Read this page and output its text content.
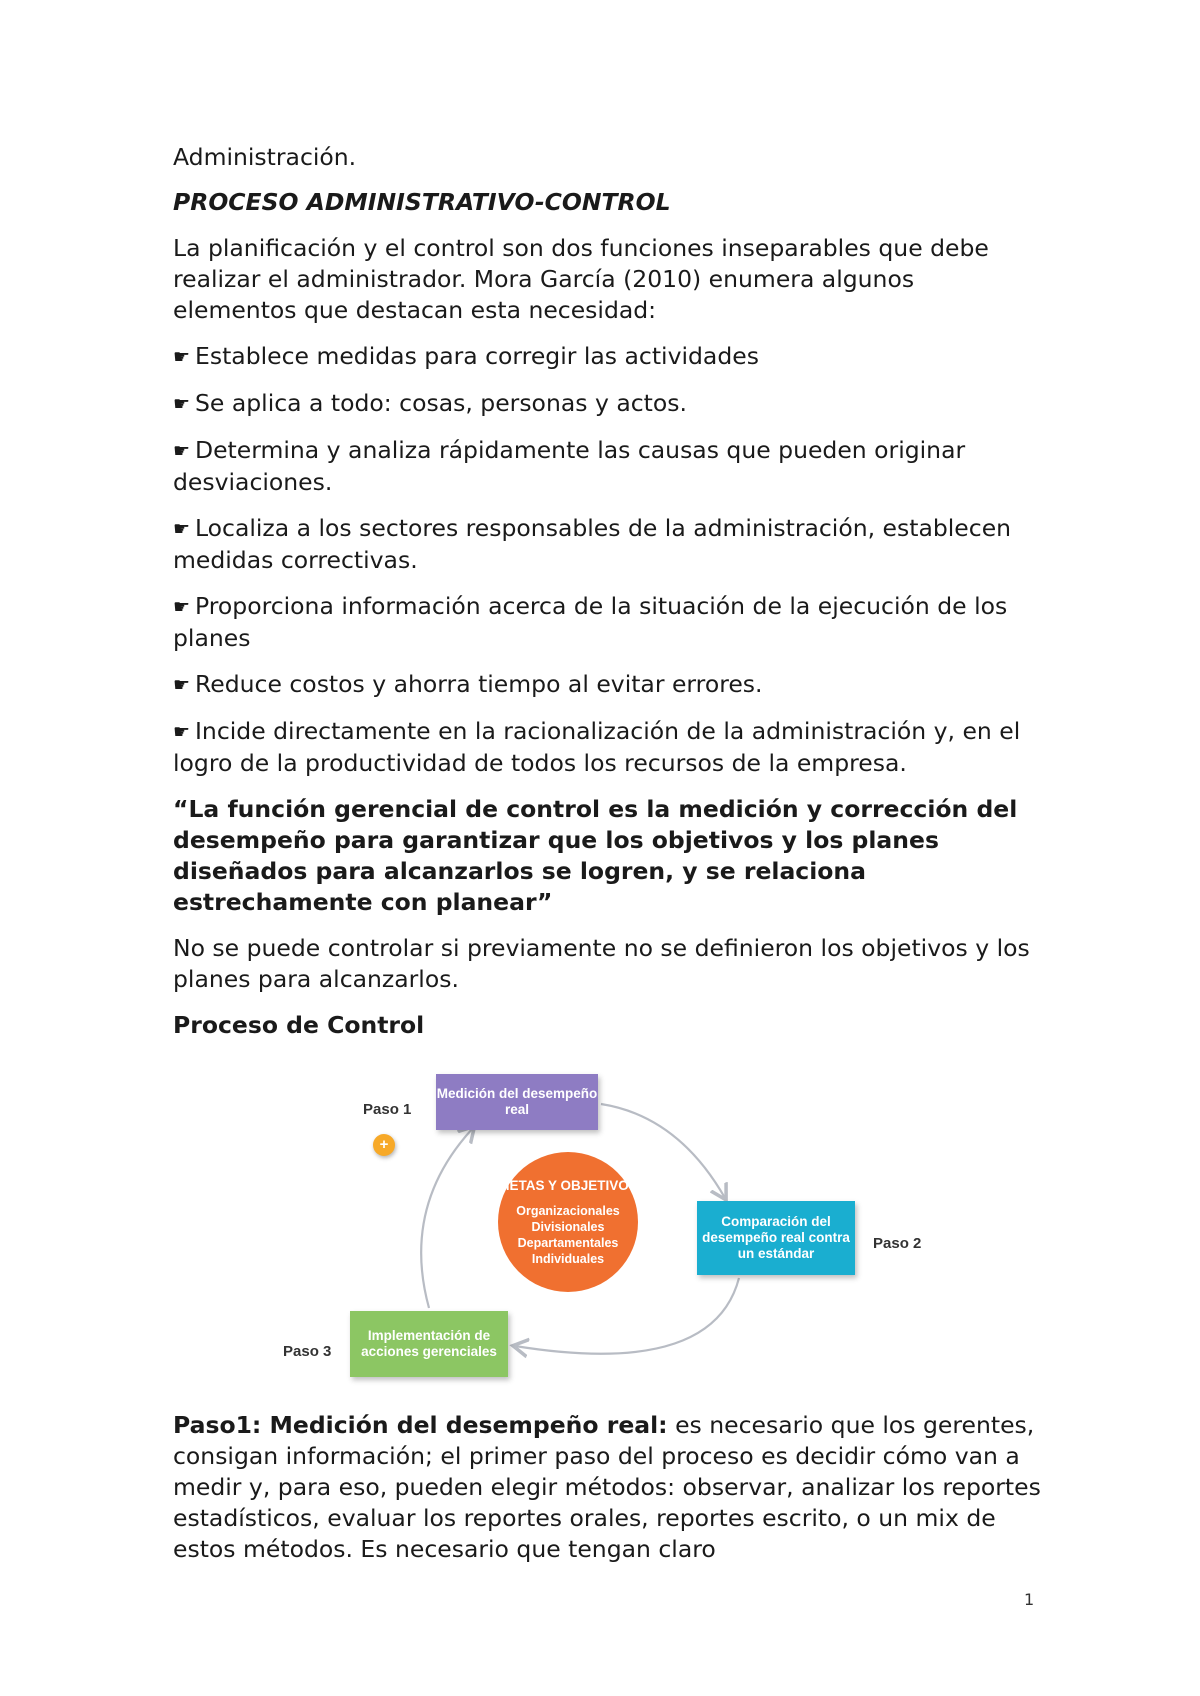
Administración.

PROCESO ADMINISTRATIVO-CONTROL

La planificación y el control son dos funciones inseparables que debe realizar el administrador. Mora García (2010) enumera algunos elementos que destacan esta necesidad:

☛ Establece medidas para corregir las actividades

☛ Se aplica a todo: cosas, personas y actos.

☛ Determina y analiza rápidamente las causas que pueden originar desviaciones.

☛ Localiza a los sectores responsables de la administración, establecen medidas correctivas.

☛ Proporciona información acerca de la situación de la ejecución de los planes

☛ Reduce costos y ahorra tiempo al evitar errores.

☛ Incide directamente en la racionalización de la administración y, en el logro de la productividad de todos los recursos de la empresa.

“La función gerencial de control es la medición y corrección del desempeño para garantizar que los objetivos y los planes diseñados para alcanzarlos se logren, y se relaciona estrechamente con planear”

No se puede controlar si previamente no se definieron los objetivos y los planes para alcanzarlos.

Proceso de Control

Paso 1
Medición del desempeño real
+
METAS Y OBJETIVOS
Organizacionales
Divisionales
Departamentales
Individuales
Comparación del desempeño real contra un estándar
Paso 2
Paso 3
Implementación de acciones gerenciales

Paso1: Medición del desempeño real: es necesario que los gerentes, consigan información; el primer paso del proceso es decidir cómo van a medir y, para eso, pueden elegir métodos: observar, analizar los reportes estadísticos, evaluar los reportes orales, reportes escrito, o un mix de estos métodos. Es necesario que tengan claro

1
